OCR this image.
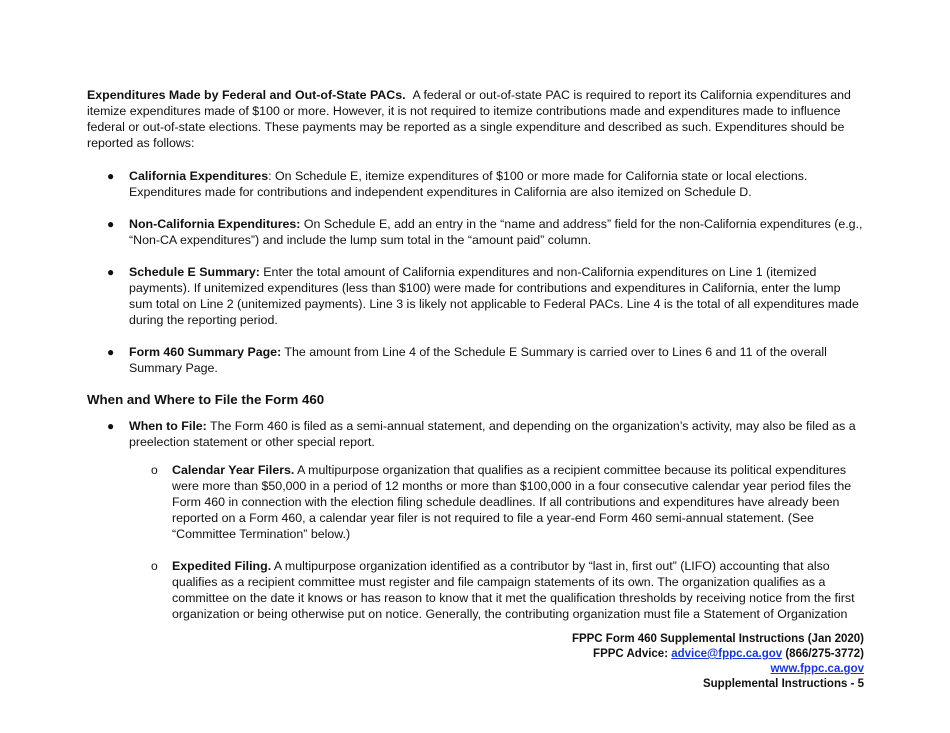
Expenditures Made by Federal and Out-of-State PACs. A federal or out-of-state PAC is required to report its California expenditures and itemize expenditures made of $100 or more. However, it is not required to itemize contributions made and expenditures made to influence federal or out-of-state elections. These payments may be reported as a single expenditure and described as such. Expenditures should be reported as follows:

● California Expenditures: On Schedule E, itemize expenditures of $100 or more made for California state or local elections. Expenditures made for contributions and independent expenditures in California are also itemized on Schedule D.
● Non-California Expenditures: On Schedule E, add an entry in the “name and address” field for the non-California expenditures (e.g., “Non-CA expenditures”) and include the lump sum total in the “amount paid” column.
● Schedule E Summary: Enter the total amount of California expenditures and non-California expenditures on Line 1 (itemized payments). If unitemized expenditures (less than $100) were made for contributions and expenditures in California, enter the lump sum total on Line 2 (unitemized payments). Line 3 is likely not applicable to Federal PACs. Line 4 is the total of all expenditures made during the reporting period.
● Form 460 Summary Page: The amount from Line 4 of the Schedule E Summary is carried over to Lines 6 and 11 of the overall Summary Page.
When and Where to File the Form 460
● When to File: The Form 460 is filed as a semi-annual statement, and depending on the organization’s activity, may also be filed as a preelection statement or other special report.
o Calendar Year Filers. A multipurpose organization that qualifies as a recipient committee because its political expenditures were more than $50,000 in a period of 12 months or more than $100,000 in a four consecutive calendar year period files the Form 460 in connection with the election filing schedule deadlines. If all contributions and expenditures have already been reported on a Form 460, a calendar year filer is not required to file a year-end Form 460 semi-annual statement. (See “Committee Termination” below.)
o Expedited Filing. A multipurpose organization identified as a contributor by “last in, first out” (LIFO) accounting that also qualifies as a recipient committee must register and file campaign statements of its own. The organization qualifies as a committee on the date it knows or has reason to know that it met the qualification thresholds by receiving notice from the first organization or being otherwise put on notice. Generally, the contributing organization must file a Statement of Organization
FPPC Form 460 Supplemental Instructions (Jan 2020)
FPPC Advice: advice@fppc.ca.gov (866/275-3772)
www.fppc.ca.gov
Supplemental Instructions - 5
